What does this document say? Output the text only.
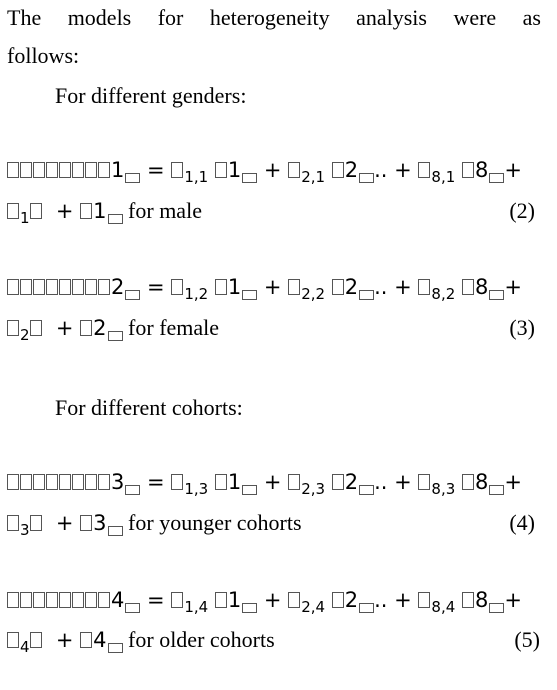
The models for heterogeneity analysis were as
follows:
For different genders:
1 = $_{1,1}$ 1 + $_{2,1}$ 2 .. + $_{8,1}$ 8 +
$_1$  + 1 for male	(2)
2 = $_{1,2}$ 1 + $_{2,2}$ 2 .. + $_{8,2}$ 8 +
$_2$  + 2 for female	(3)
For different cohorts:
3 = $_{1,3}$ 1 + $_{2,3}$ 2 .. + $_{8,3}$ 8 +
$_3$  + 3 for younger cohorts	(4)
4 = $_{1,4}$ 1 + $_{2,4}$ 2 .. + $_{8,4}$ 8 +
$_4$  + 4 for older cohorts	(5)
